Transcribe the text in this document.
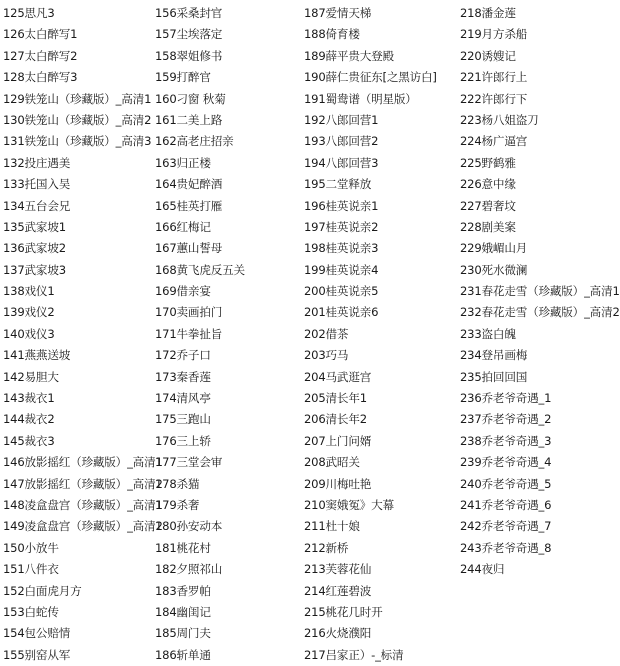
125思凡3
126太白醉写1
127太白醉写2
128太白醉写3
129铁笼山（珍藏版）_高清1
130铁笼山（珍藏版）_高清2
131铁笼山（珍藏版）_高清3
132投庄遇美
133托国入吴
134五台会兄
135武家坡1
136武家坡2
137武家坡3
138戏仪1
139戏仪2
140戏仪3
141燕燕送坡
142易胆大
143裁衣1
144裁衣2
145裁衣3
146放影摇红（珍藏版）_高清1
147放影摇红（珍藏版）_高清2
148凌盒盘宫（珍藏版）_高清1
149凌盒盘宫（珍藏版）_高清2
150小放牛
151八件衣
152白面虎月方
153白蛇传
154包公赔情
155别窑从军
156采桑封官
157尘埃落定
158翠姐修书
159打醉官
160刁窗 秋菊
161二美上路
162高老庄招亲
163归正楼
164贵妃醉酒
165桂英打雁
166红梅记
167蕙山誓母
168黄飞虎反五关
169借亲宴
170卖画拍门
171牛拳扯旨
172乔子口
173秦香莲
174清风亭
175三跑山
176三上轿
177三堂会审
178杀猫
179杀奢
180孙安动本
181桃花村
182夕照祁山
183香罗帕
184幽闺记
185周门夫
186斩单通
187爱情天梯
188倚育楼
189薛平贵大登殿
190薛仁贵征东[之黑访白]
191蜀鸯谱（明星版）
192八郎回营1
193八郎回营2
194八郎回营3
195二堂释放
196桂英说亲1
197桂英说亲2
198桂英说亲3
199桂英说亲4
200桂英说亲5
201桂英说亲6
202借茶
203巧马
204马武逛宫
205清长年1
206清长年2
207上门问婿
208武昭关
209川梅吐艳
210窦娥冤》大幕
211杜十娘
212新桥
213芙蓉花仙
214红莲碧波
215桃花几时开
216火烧濮阳
217吕家正）-_标清
218潘金莲
219月方杀船
220诱嫂记
221许郎行上
222许郎行下
223杨八姐盗刀
224杨广逼宫
225野鹤雅
226意中缘
227碧奢坟
228剧美案
229娥嵋山月
230死水微澜
231春花走雪（珍藏版）_高清1
232春花走雪（珍藏版）_高清2
233盗白魄
234登吊画梅
235拍回回国
236乔老爷奇遇_1
237乔老爷奇遇_2
238乔老爷奇遇_3
239乔老爷奇遇_4
240乔老爷奇遇_5
241乔老爷奇遇_6
242乔老爷奇遇_7
243乔老爷奇遇_8
244夜归
